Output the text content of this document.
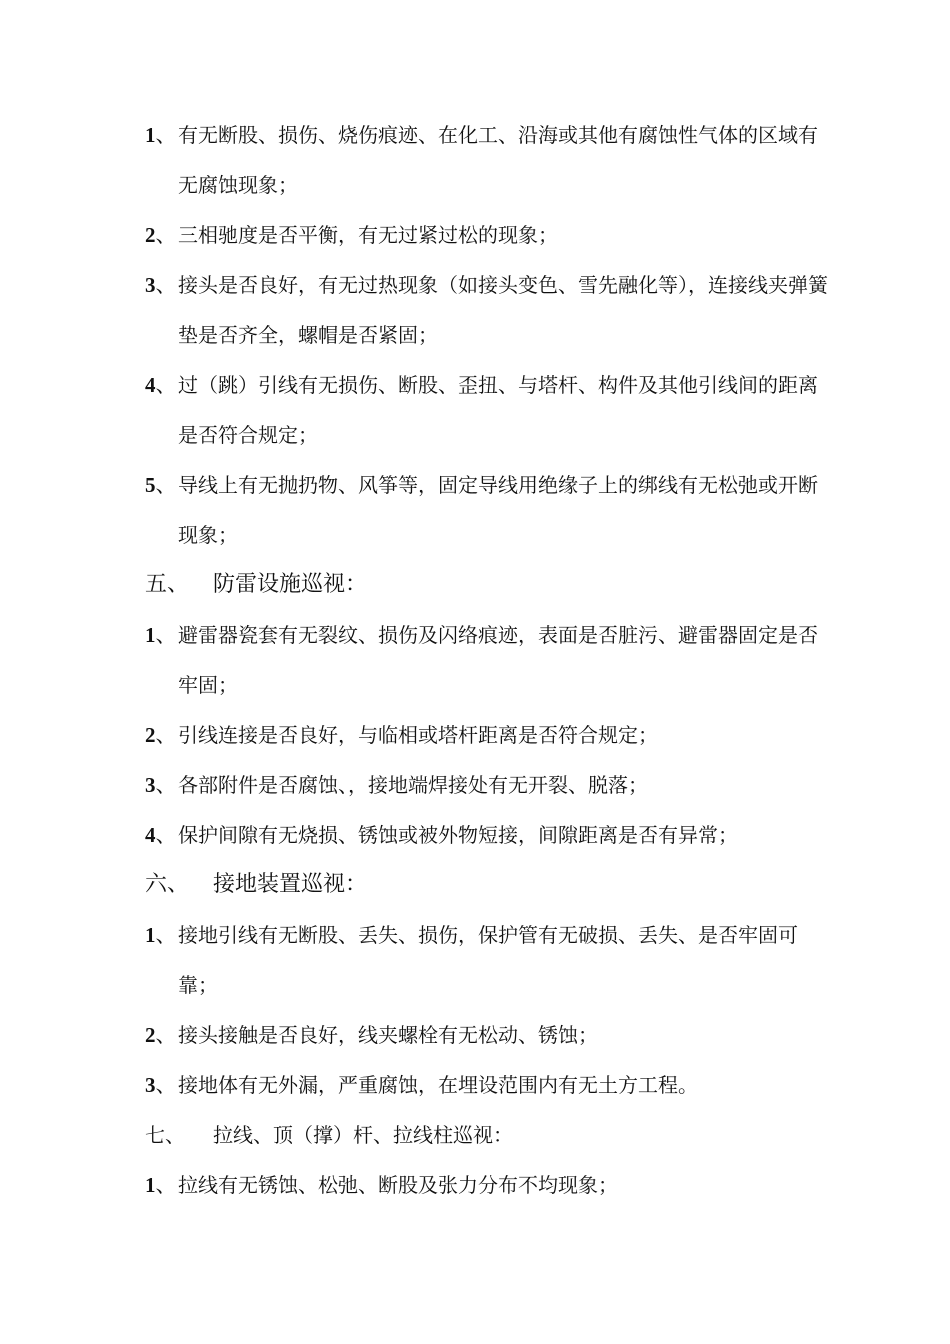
1、 有无断股、损伤、烧伤痕迹、在化工、沿海或其他有腐蚀性气体的区域有无腐蚀现象；
2、 三相驰度是否平衡，有无过紧过松的现象；
3、 接头是否良好，有无过热现象（如接头变色、雪先融化等），连接线夹弹簧垫是否齐全，螺帽是否紧固；
4、 过（跳）引线有无损伤、断股、歪扭、与塔杆、构件及其他引线间的距离是否符合规定；
5、 导线上有无抛扔物、风筝等，固定导线用绝缘子上的绑线有无松弛或开断现象；
五、 防雷设施巡视：
1、 避雷器瓷套有无裂纹、损伤及闪络痕迹，表面是否脏污、避雷器固定是否牢固；
2、 引线连接是否良好，与临相或塔杆距离是否符合规定；
3、 各部附件是否腐蚀、，接地端焊接处有无开裂、脱落；
4、 保护间隙有无烧损、锈蚀或被外物短接，间隙距离是否有异常；
六、 接地装置巡视：
1、 接地引线有无断股、丢失、损伤，保护管有无破损、丢失、是否牢固可靠；
2、 接头接触是否良好，线夹螺栓有无松动、锈蚀；
3、 接地体有无外漏，严重腐蚀，在埋设范围内有无土方工程。
七、 拉线、顶（撑）杆、拉线柱巡视：
1、 拉线有无锈蚀、松弛、断股及张力分布不均现象；
